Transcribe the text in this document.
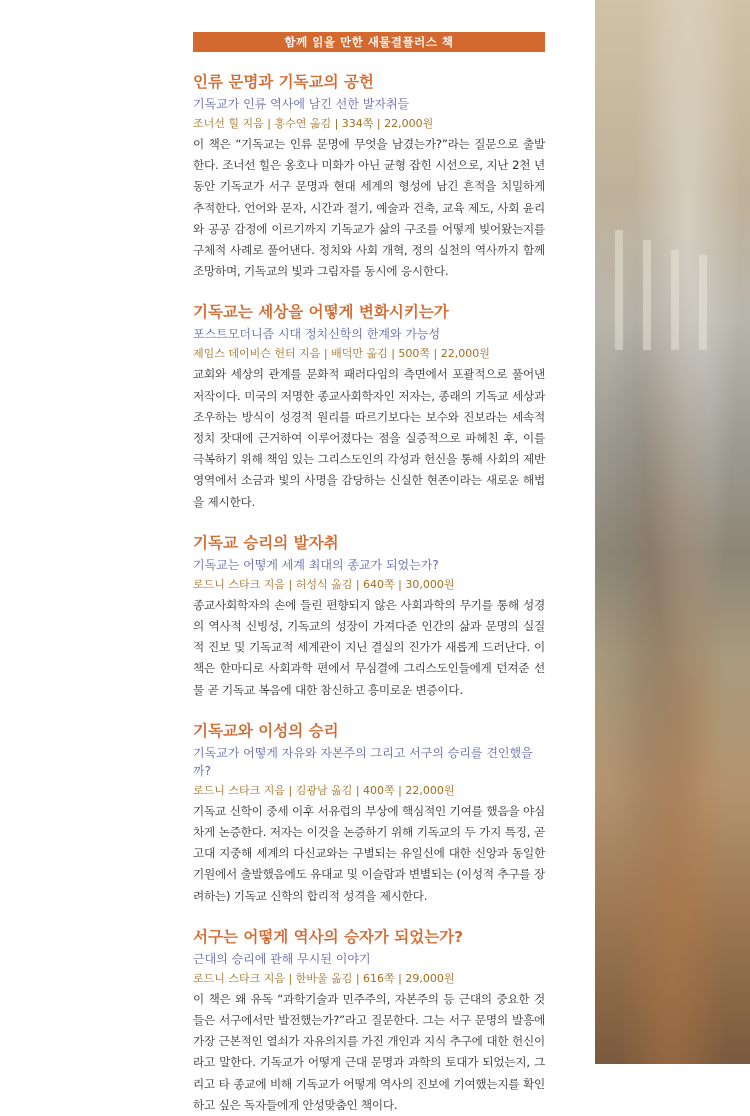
함께 읽을 만한 새물결플러스 책

인류 문명과 기독교의 공헌

기독교가 인류 역사에 남긴 선한 발자취들

조너선 힐 지음 | 홍수연 옮김 | 334쪽 | 22,000원

이 책은 “기독교는 인류 문명에 무엇을 남겼는가?”라는 질문으로 출발한다. 조너선 힐은 옹호나 미화가 아닌 균형 잡힌 시선으로, 지난 2천 년 동안 기독교가 서구 문명과 현대 세계의 형성에 남긴 흔적을 치밀하게 추적한다. 언어와 문자, 시간과 절기, 예술과 건축, 교육 제도, 사회 윤리와 공공 감정에 이르기까지 기독교가 삶의 구조를 어떻게 빚어왔는지를 구체적 사례로 풀어낸다. 정치와 사회 개혁, 정의 실천의 역사까지 함께 조망하며, 기독교의 빛과 그림자를 동시에 응시한다.

기독교는 세상을 어떻게 변화시키는가

포스트모더니즘 시대 정치신학의 한계와 가능성

제임스 데이비슨 헌터 지음 | 배덕만 옮김 | 500쪽 | 22,000원

교회와 세상의 관계를 문화적 패러다임의 측면에서 포괄적으로 풀어낸 저작이다. 미국의 저명한 종교사회학자인 저자는, 종래의 기독교 세상과 조우하는 방식이 성경적 원리를 따르기보다는 보수와 진보라는 세속적 정치 잣대에 근거하여 이루어졌다는 점을 실증적으로 파헤친 후, 이를 극복하기 위해 책임 있는 그리스도인의 각성과 헌신을 통해 사회의 제반 영역에서 소금과 빛의 사명을 감당하는 신실한 현존이라는 새로운 해법을 제시한다.

기독교 승리의 발자취

기독교는 어떻게 세계 최대의 종교가 되었는가?

로드니 스타크 지음 | 허성식 옮김 | 640쪽 | 30,000원

종교사회학자의 손에 들린 편향되지 않은 사회과학의 무기를 통해 성경의 역사적 신빙성, 기독교의 성장이 가져다준 인간의 삶과 문명의 실질적 진보 및 기독교적 세계관이 지닌 결실의 진가가 새롭게 드러난다. 이 책은 한마디로 사회과학 편에서 무심결에 그리스도인들에게 던져준 선물 곧 기독교 복음에 대한 참신하고 흥미로운 변증이다.

기독교와 이성의 승리

기독교가 어떻게 자유와 자본주의 그리고 서구의 승리를 견인했을까?

로드니 스타크 지음 | 김광남 옮김 | 400쪽 | 22,000원

기독교 신학이 중세 이후 서유럽의 부상에 핵심적인 기여를 했음을 야심차게 논증한다. 저자는 이것을 논증하기 위해 기독교의 두 가지 특징, 곧 고대 지중해 세계의 다신교와는 구별되는 유일신에 대한 신앙과 동일한 기원에서 출발했음에도 유대교 및 이슬람과 변별되는 (이성적 추구를 장려하는) 기독교 신학의 합리적 성격을 제시한다.

서구는 어떻게 역사의 승자가 되었는가?

근대의 승리에 관해 무시된 이야기

로드니 스타크 지음 | 한바울 옮김 | 616쪽 | 29,000원

이 책은 왜 유독 “과학기술과 민주주의, 자본주의 등 근대의 중요한 것들은 서구에서만 발전했는가?”라고 질문한다. 그는 서구 문명의 발흥에 가장 근본적인 열쇠가 자유의지를 가진 개인과 지식 추구에 대한 헌신이라고 말한다. 기독교가 어떻게 근대 문명과 과학의 토대가 되었는지, 그리고 타 종교에 비해 기독교가 어떻게 역사의 진보에 기여했는지를 확인하고 싶은 독자들에게 안성맞춤인 책이다.
